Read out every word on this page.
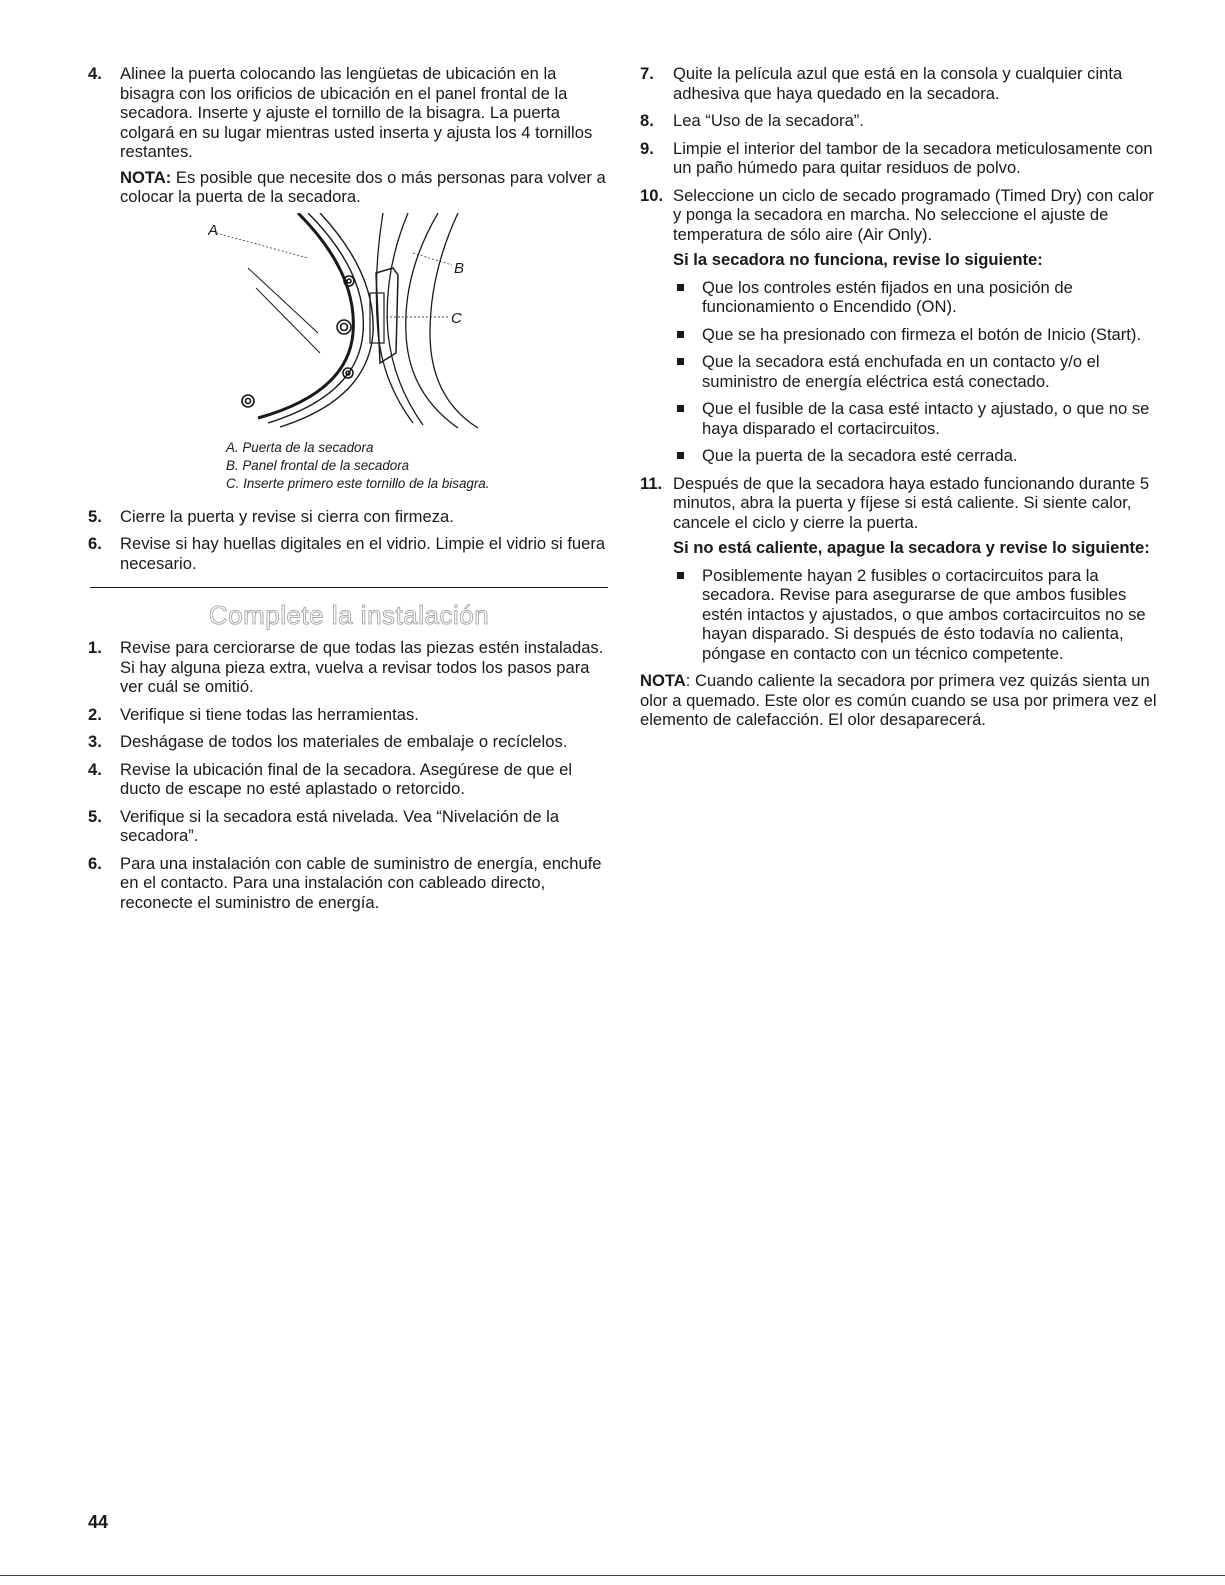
4. Alinee la puerta colocando las lengüetas de ubicación en la bisagra con los orificios de ubicación en el panel frontal de la secadora. Inserte y ajuste el tornillo de la bisagra. La puerta colgará en su lugar mientras usted inserta y ajusta los 4 tornillos restantes.
NOTA: Es posible que necesite dos o más personas para volver a colocar la puerta de la secadora.
A
B
C
A. Puerta de la secadora
B. Panel frontal de la secadora
C. Inserte primero este tornillo de la bisagra.
5. Cierre la puerta y revise si cierra con firmeza.
6. Revise si hay huellas digitales en el vidrio. Limpie el vidrio si fuera necesario.
Complete la instalación
1. Revise para cerciorarse de que todas las piezas estén instaladas. Si hay alguna pieza extra, vuelva a revisar todos los pasos para ver cuál se omitió.
2. Verifique si tiene todas las herramientas.
3. Deshágase de todos los materiales de embalaje o recíclelos.
4. Revise la ubicación final de la secadora. Asegúrese de que el ducto de escape no esté aplastado o retorcido.
5. Verifique si la secadora está nivelada. Vea “Nivelación de la secadora”.
6. Para una instalación con cable de suministro de energía, enchufe en el contacto. Para una instalación con cableado directo, reconecte el suministro de energía.
7. Quite la película azul que está en la consola y cualquier cinta adhesiva que haya quedado en la secadora.
8. Lea “Uso de la secadora”.
9. Limpie el interior del tambor de la secadora meticulosamente con un paño húmedo para quitar residuos de polvo.
10. Seleccione un ciclo de secado programado (Timed Dry) con calor y ponga la secadora en marcha. No seleccione el ajuste de temperatura de sólo aire (Air Only).
Si la secadora no funciona, revise lo siguiente:
Que los controles estén fijados en una posición de funcionamiento o Encendido (ON).
Que se ha presionado con firmeza el botón de Inicio (Start).
Que la secadora está enchufada en un contacto y/o el suministro de energía eléctrica está conectado.
Que el fusible de la casa esté intacto y ajustado, o que no se haya disparado el cortacircuitos.
Que la puerta de la secadora esté cerrada.
11. Después de que la secadora haya estado funcionando durante 5 minutos, abra la puerta y fíjese si está caliente. Si siente calor, cancele el ciclo y cierre la puerta.
Si no está caliente, apague la secadora y revise lo siguiente:
Posiblemente hayan 2 fusibles o cortacircuitos para la secadora. Revise para asegurarse de que ambos fusibles estén intactos y ajustados, o que ambos cortacircuitos no se hayan disparado. Si después de ésto todavía no calienta, póngase en contacto con un técnico competente.
NOTA: Cuando caliente la secadora por primera vez quizás sienta un olor a quemado. Este olor es común cuando se usa por primera vez el elemento de calefacción. El olor desaparecerá.
44
